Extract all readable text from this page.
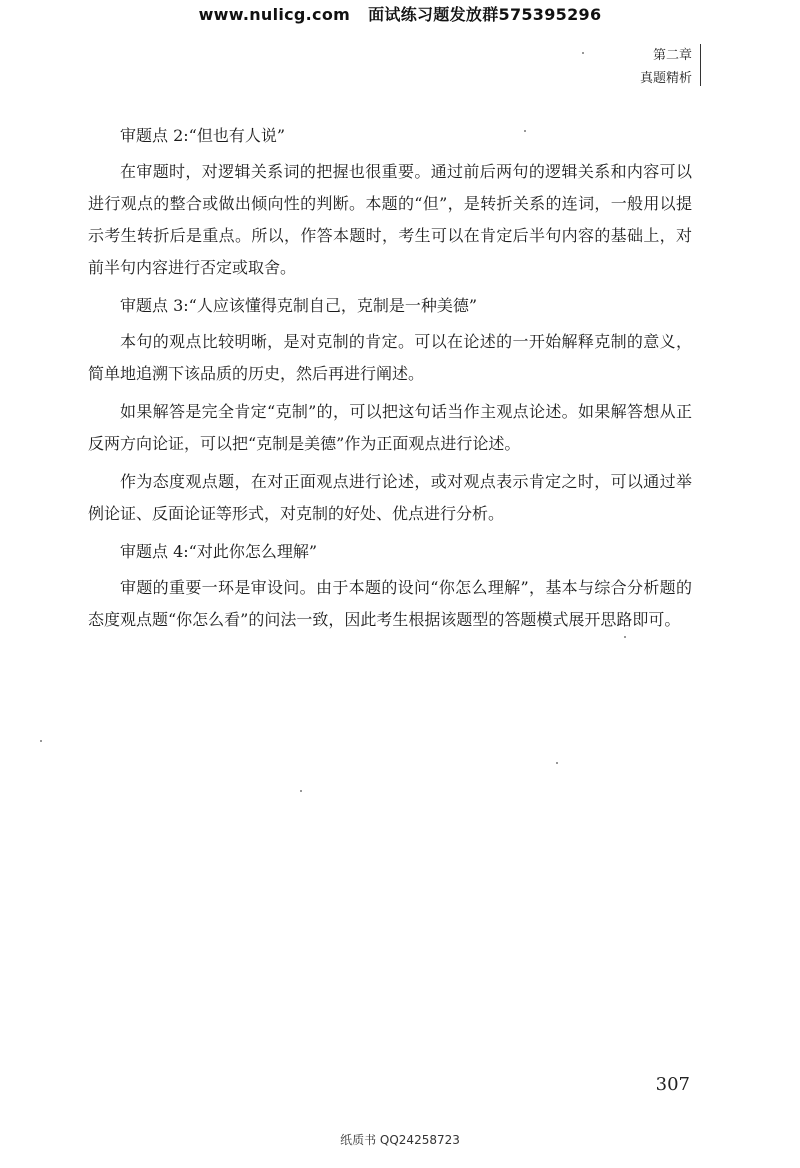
www.nulicg.com 面试练习题发放群575395296
第二章
真题精析

审题点 2:“但也有人说”

在审题时，对逻辑关系词的把握也很重要。通过前后两句的逻辑关系和内容可以进行观点的整合或做出倾向性的判断。本题的“但”，是转折关系的连词，一般用以提示考生转折后是重点。所以，作答本题时，考生可以在肯定后半句内容的基础上，对前半句内容进行否定或取舍。

审题点 3:“人应该懂得克制自己，克制是一种美德”

本句的观点比较明晰，是对克制的肯定。可以在论述的一开始解释克制的意义，简单地追溯下该品质的历史，然后再进行阐述。

如果解答是完全肯定“克制”的，可以把这句话当作主观点论述。如果解答想从正反两方向论证，可以把“克制是美德”作为正面观点进行论述。

作为态度观点题，在对正面观点进行论述，或对观点表示肯定之时，可以通过举例论证、反面论证等形式，对克制的好处、优点进行分析。

审题点 4:“对此你怎么理解”

审题的重要一环是审设问。由于本题的设问“你怎么理解”，基本与综合分析题的态度观点题“你怎么看”的问法一致，因此考生根据该题型的答题模式展开思路即可。

307
纸质书 QQ24258723
